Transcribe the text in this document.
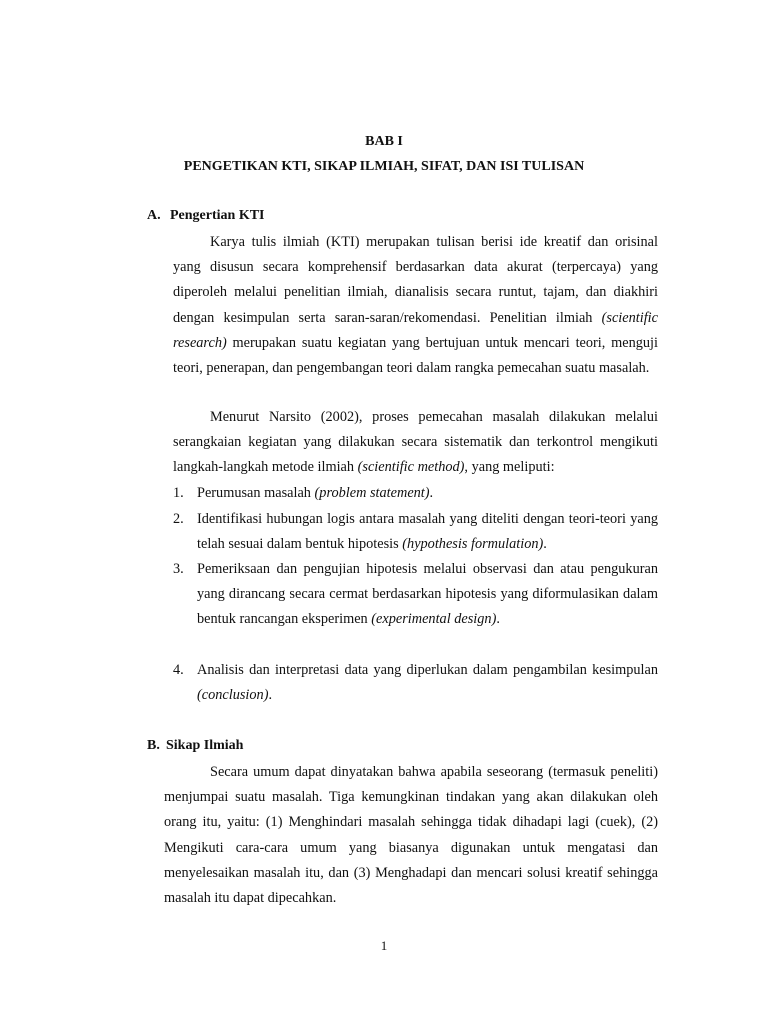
BAB I
PENGETIKAN KTI, SIKAP ILMIAH, SIFAT, DAN ISI TULISAN
A. Pengertian KTI

Karya tulis ilmiah (KTI) merupakan tulisan berisi ide kreatif dan orisinal yang disusun secara komprehensif berdasarkan data akurat (terpercaya) yang diperoleh melalui penelitian ilmiah, dianalisis secara runtut, tajam, dan diakhiri dengan kesimpulan serta saran-saran/rekomendasi. Penelitian ilmiah (scientific research) merupakan suatu kegiatan yang bertujuan untuk mencari teori, menguji teori, penerapan, dan pengembangan teori dalam rangka pemecahan suatu masalah.

Menurut Narsito (2002), proses pemecahan masalah dilakukan melalui serangkaian kegiatan yang dilakukan secara sistematik dan terkontrol mengikuti langkah-langkah metode ilmiah (scientific method), yang meliputi:

1. Perumusan masalah (problem statement).

2. Identifikasi hubungan logis antara masalah yang diteliti dengan teori-teori yang telah sesuai dalam bentuk hipotesis (hypothesis formulation).

3. Pemeriksaan dan pengujian hipotesis melalui observasi dan atau pengukuran yang dirancang secara cermat berdasarkan hipotesis yang diformulasikan dalam bentuk rancangan eksperimen (experimental design).

4. Analisis dan interpretasi data yang diperlukan dalam pengambilan kesimpulan (conclusion).

B. Sikap Ilmiah

Secara umum dapat dinyatakan bahwa apabila seseorang (termasuk peneliti) menjumpai suatu masalah. Tiga kemungkinan tindakan yang akan dilakukan oleh orang itu, yaitu: (1) Menghindari masalah sehingga tidak dihadapi lagi (cuek), (2) Mengikuti cara-cara umum yang biasanya digunakan untuk mengatasi dan menyelesaikan masalah itu, dan (3) Menghadapi dan mencari solusi kreatif sehingga masalah itu dapat dipecahkan.

1
